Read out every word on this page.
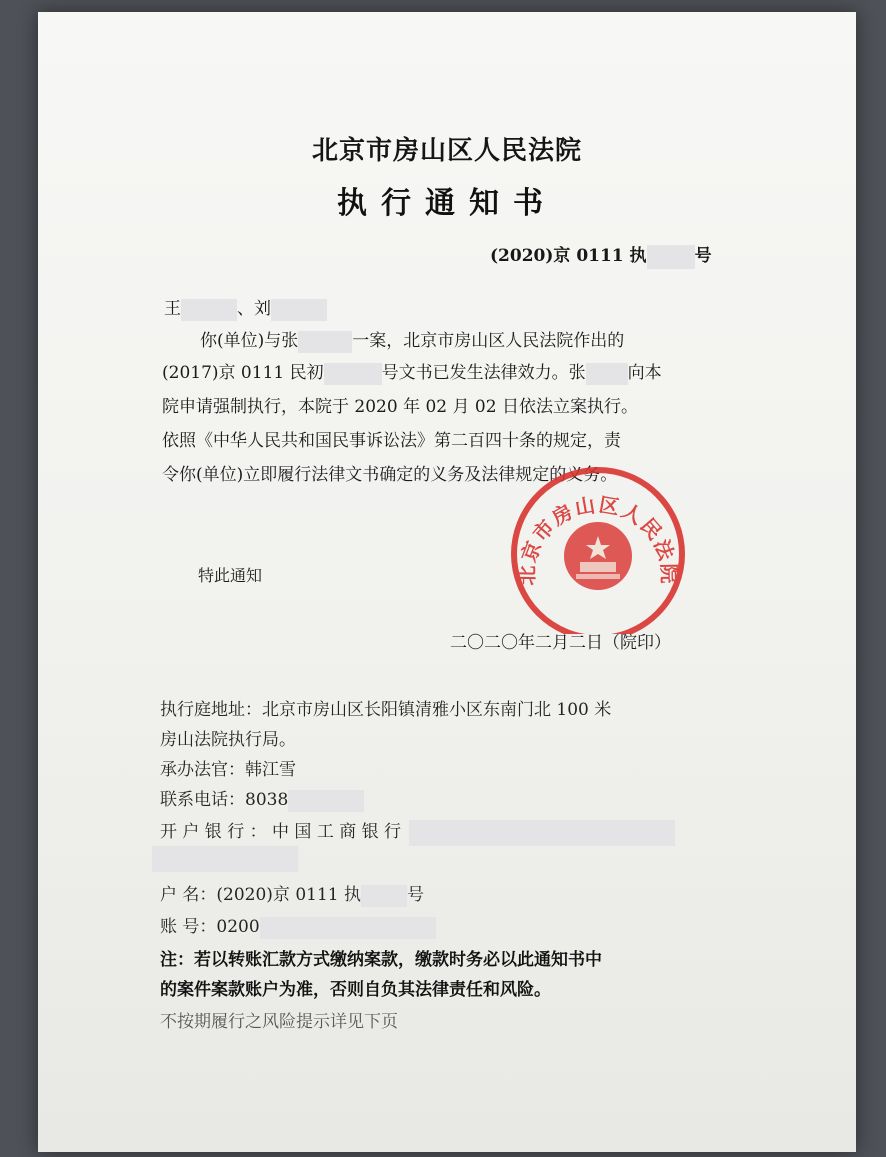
北京市房山区人民法院
执行通知书
(2020)京 0111 执	号
王	、刘
你(单位)与张	一案，北京市房山区人民法院作出的
(2017)京 0111 民初	号文书已发生法律效力。张 向本
院申请强制执行，本院于 2020 年 02 月 02 日依法立案执行。
依照《中华人民共和国民事诉讼法》第二百四十条的规定，责
令你(单位)立即履行法律文书确定的义务及法律规定的义务。
特此通知
二〇二〇年二月二日（院印）
北京市房山区人民法院
执行庭地址：北京市房山区长阳镇清雅小区东南门北 100 米
房山法院执行局。
承办法官：韩江雪
联系电话：8038
开 户 银 行 ： 中 国 工 商 银 行
户 名：(2020)京 0111 执	号
账 号：0200
注：若以转账汇款方式缴纳案款，缴款时务必以此通知书中
的案件案款账户为准，否则自负其法律责任和风险。
不按期履行之风险提示详见下页
